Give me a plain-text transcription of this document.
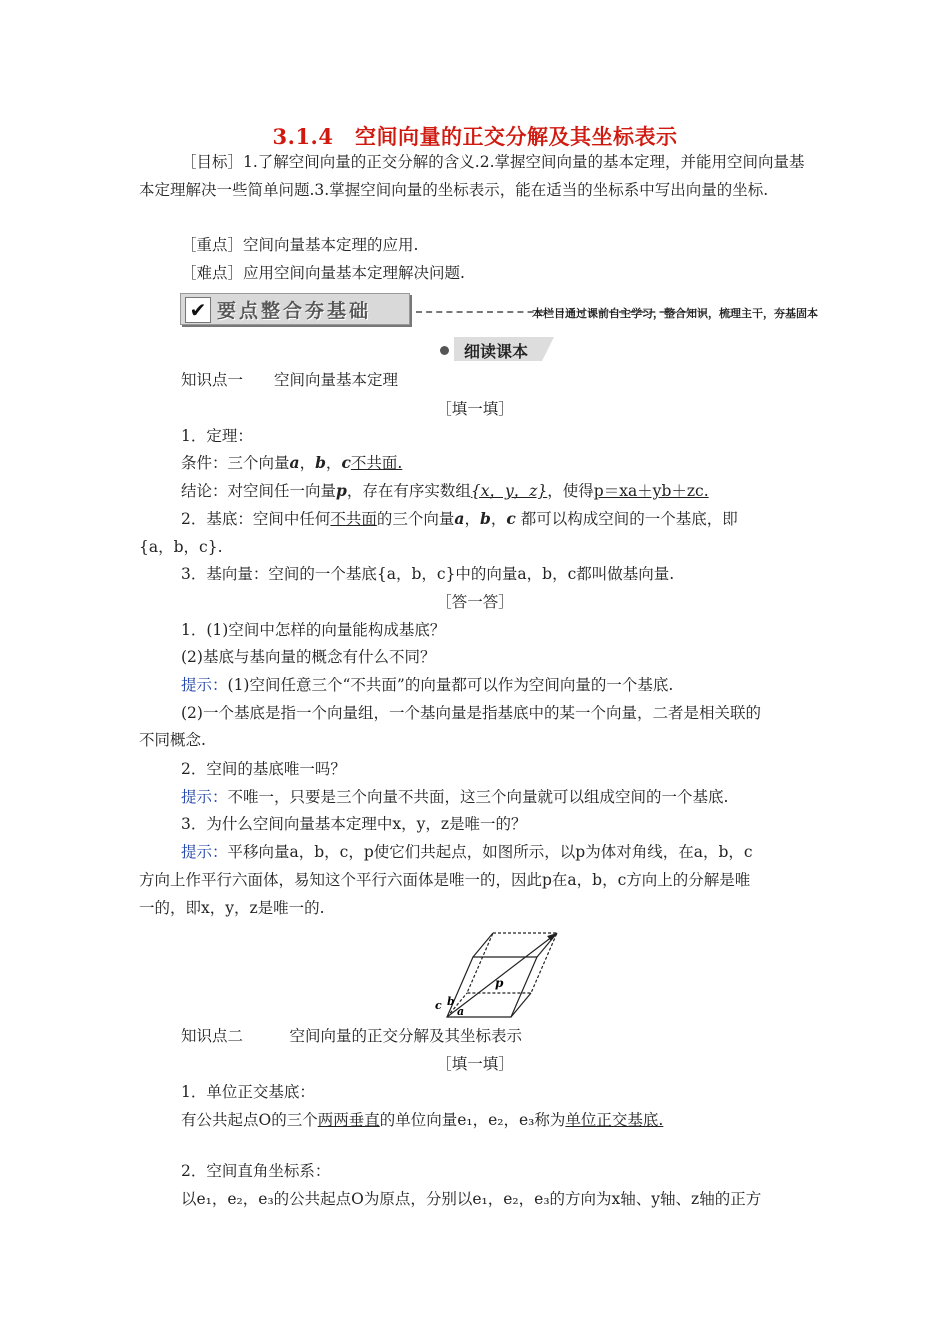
3.1.4　空间向量的正交分解及其坐标表示
［目标］1.了解空间向量的正交分解的含义.2.掌握空间向量的基本定理，并能用空间向量基本定理解决一些简单问题.3.掌握空间向量的坐标表示，能在适当的坐标系中写出向量的坐标.
［重点］空间向量基本定理的应用.
［难点］应用空间向量基本定理解决问题.
✔ 要点整合夯基础	本栏目通过课前自主学习，整合知识，梳理主干，夯基固本
细读课本
知识点一　　空间向量基本定理
［填一填］
1．定理：
条件：三个向量a，b，c不共面.
结论：对空间任一向量p，存在有序实数组{x，y，z}，使得p＝xa＋yb＋zc.
2．基底：空间中任何不共面的三个向量a，b，c 都可以构成空间的一个基底，即
{a，b，c}.
3．基向量：空间的一个基底{a，b，c}中的向量a，b，c都叫做基向量.
［答一答］
1．(1)空间中怎样的向量能构成基底？
(2)基底与基向量的概念有什么不同？
提示：(1)空间任意三个“不共面”的向量都可以作为空间向量的一个基底.
(2)一个基底是指一个向量组，一个基向量是指基底中的某一个向量，二者是相关联的
不同概念.
2．空间的基底唯一吗？
提示：不唯一，只要是三个向量不共面，这三个向量就可以组成空间的一个基底.
3．为什么空间向量基本定理中x，y，z是唯一的？
提示：平移向量a，b，c，p使它们共起点，如图所示，以p为体对角线，在a，b，c
方向上作平行六面体，易知这个平行六面体是唯一的，因此p在a，b，c方向上的分解是唯
一的，即x，y，z是唯一的.
p
c b
a
知识点二　　　空间向量的正交分解及其坐标表示
［填一填］
1．单位正交基底：
有公共起点O的三个两两垂直的单位向量e₁，e₂，e₃称为单位正交基底.
2．空间直角坐标系：
以e₁，e₂，e₃的公共起点O为原点，分别以e₁，e₂，e₃的方向为x轴、y轴、z轴的正方
